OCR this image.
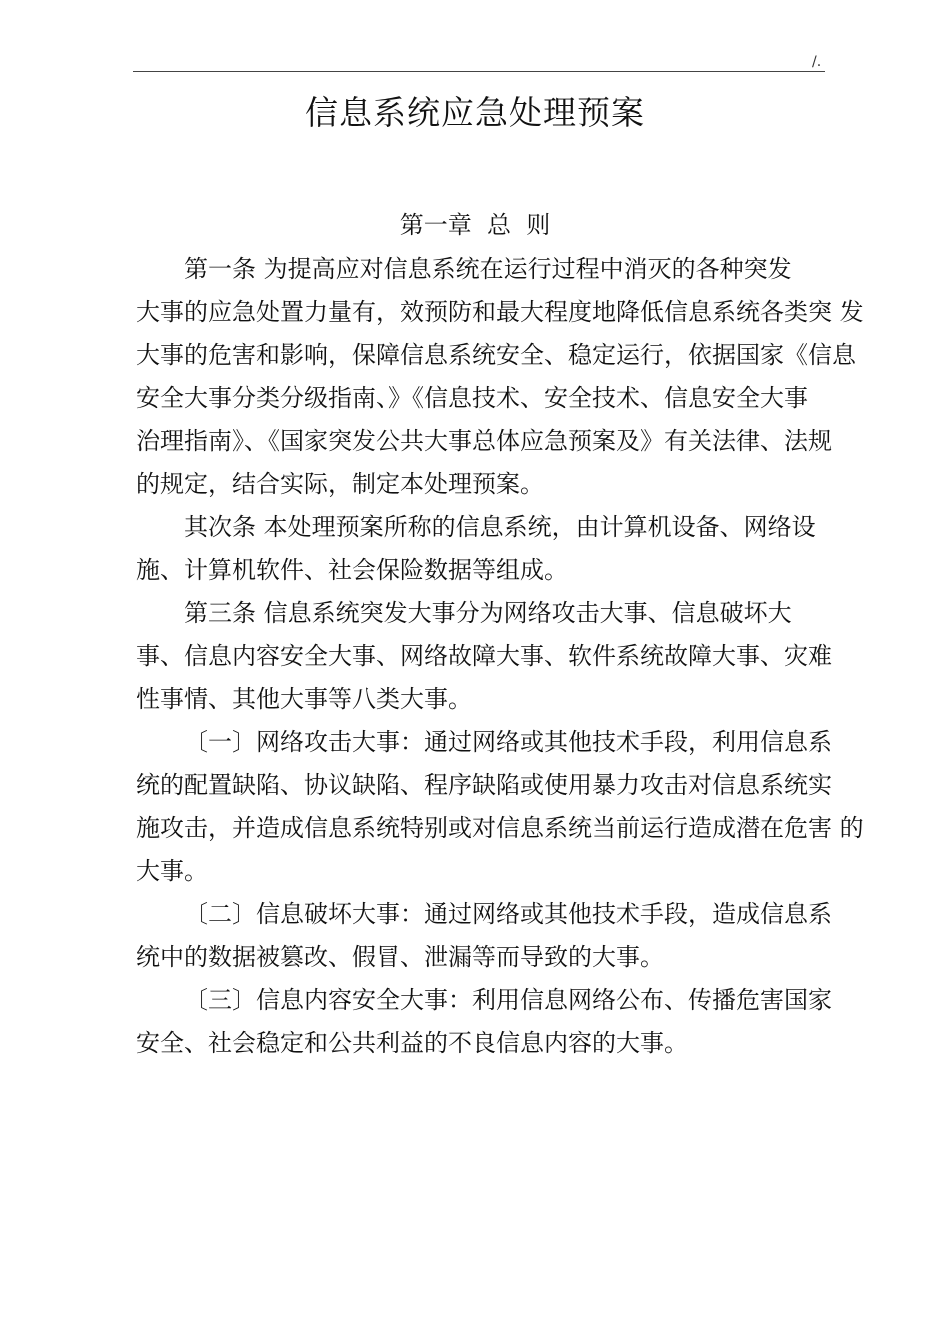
/.
信息系统应急处理预案
第一章  总  则

第一条 为提高应对信息系统在运行过程中消灭的各种突发
大事的应急处置力量有，效预防和最大程度地降低信息系统各类突 发
大事的危害和影响，保障信息系统安全、稳定运行，依据国家《信息
安全大事分类分级指南、》《信息技术、安全技术、信息安全大事
治理指南》、《国家突发公共大事总体应急预案及》有关法律、法规
的规定，结合实际，制定本处理预案。

其次条 本处理预案所称的信息系统，由计算机设备、网络设
施、计算机软件、社会保险数据等组成。

第三条 信息系统突发大事分为网络攻击大事、信息破坏大
事、信息内容安全大事、网络故障大事、软件系统故障大事、灾难
性事情、其他大事等八类大事。

〔一〕网络攻击大事：通过网络或其他技术手段，利用信息系
统的配置缺陷、协议缺陷、程序缺陷或使用暴力攻击对信息系统实
施攻击，并造成信息系统特别或对信息系统当前运行造成潜在危害 的
大事。

〔二〕信息破坏大事：通过网络或其他技术手段，造成信息系
统中的数据被篡改、假冒、泄漏等而导致的大事。

〔三〕信息内容安全大事：利用信息网络公布、传播危害国家
安全、社会稳定和公共利益的不良信息内容的大事。
